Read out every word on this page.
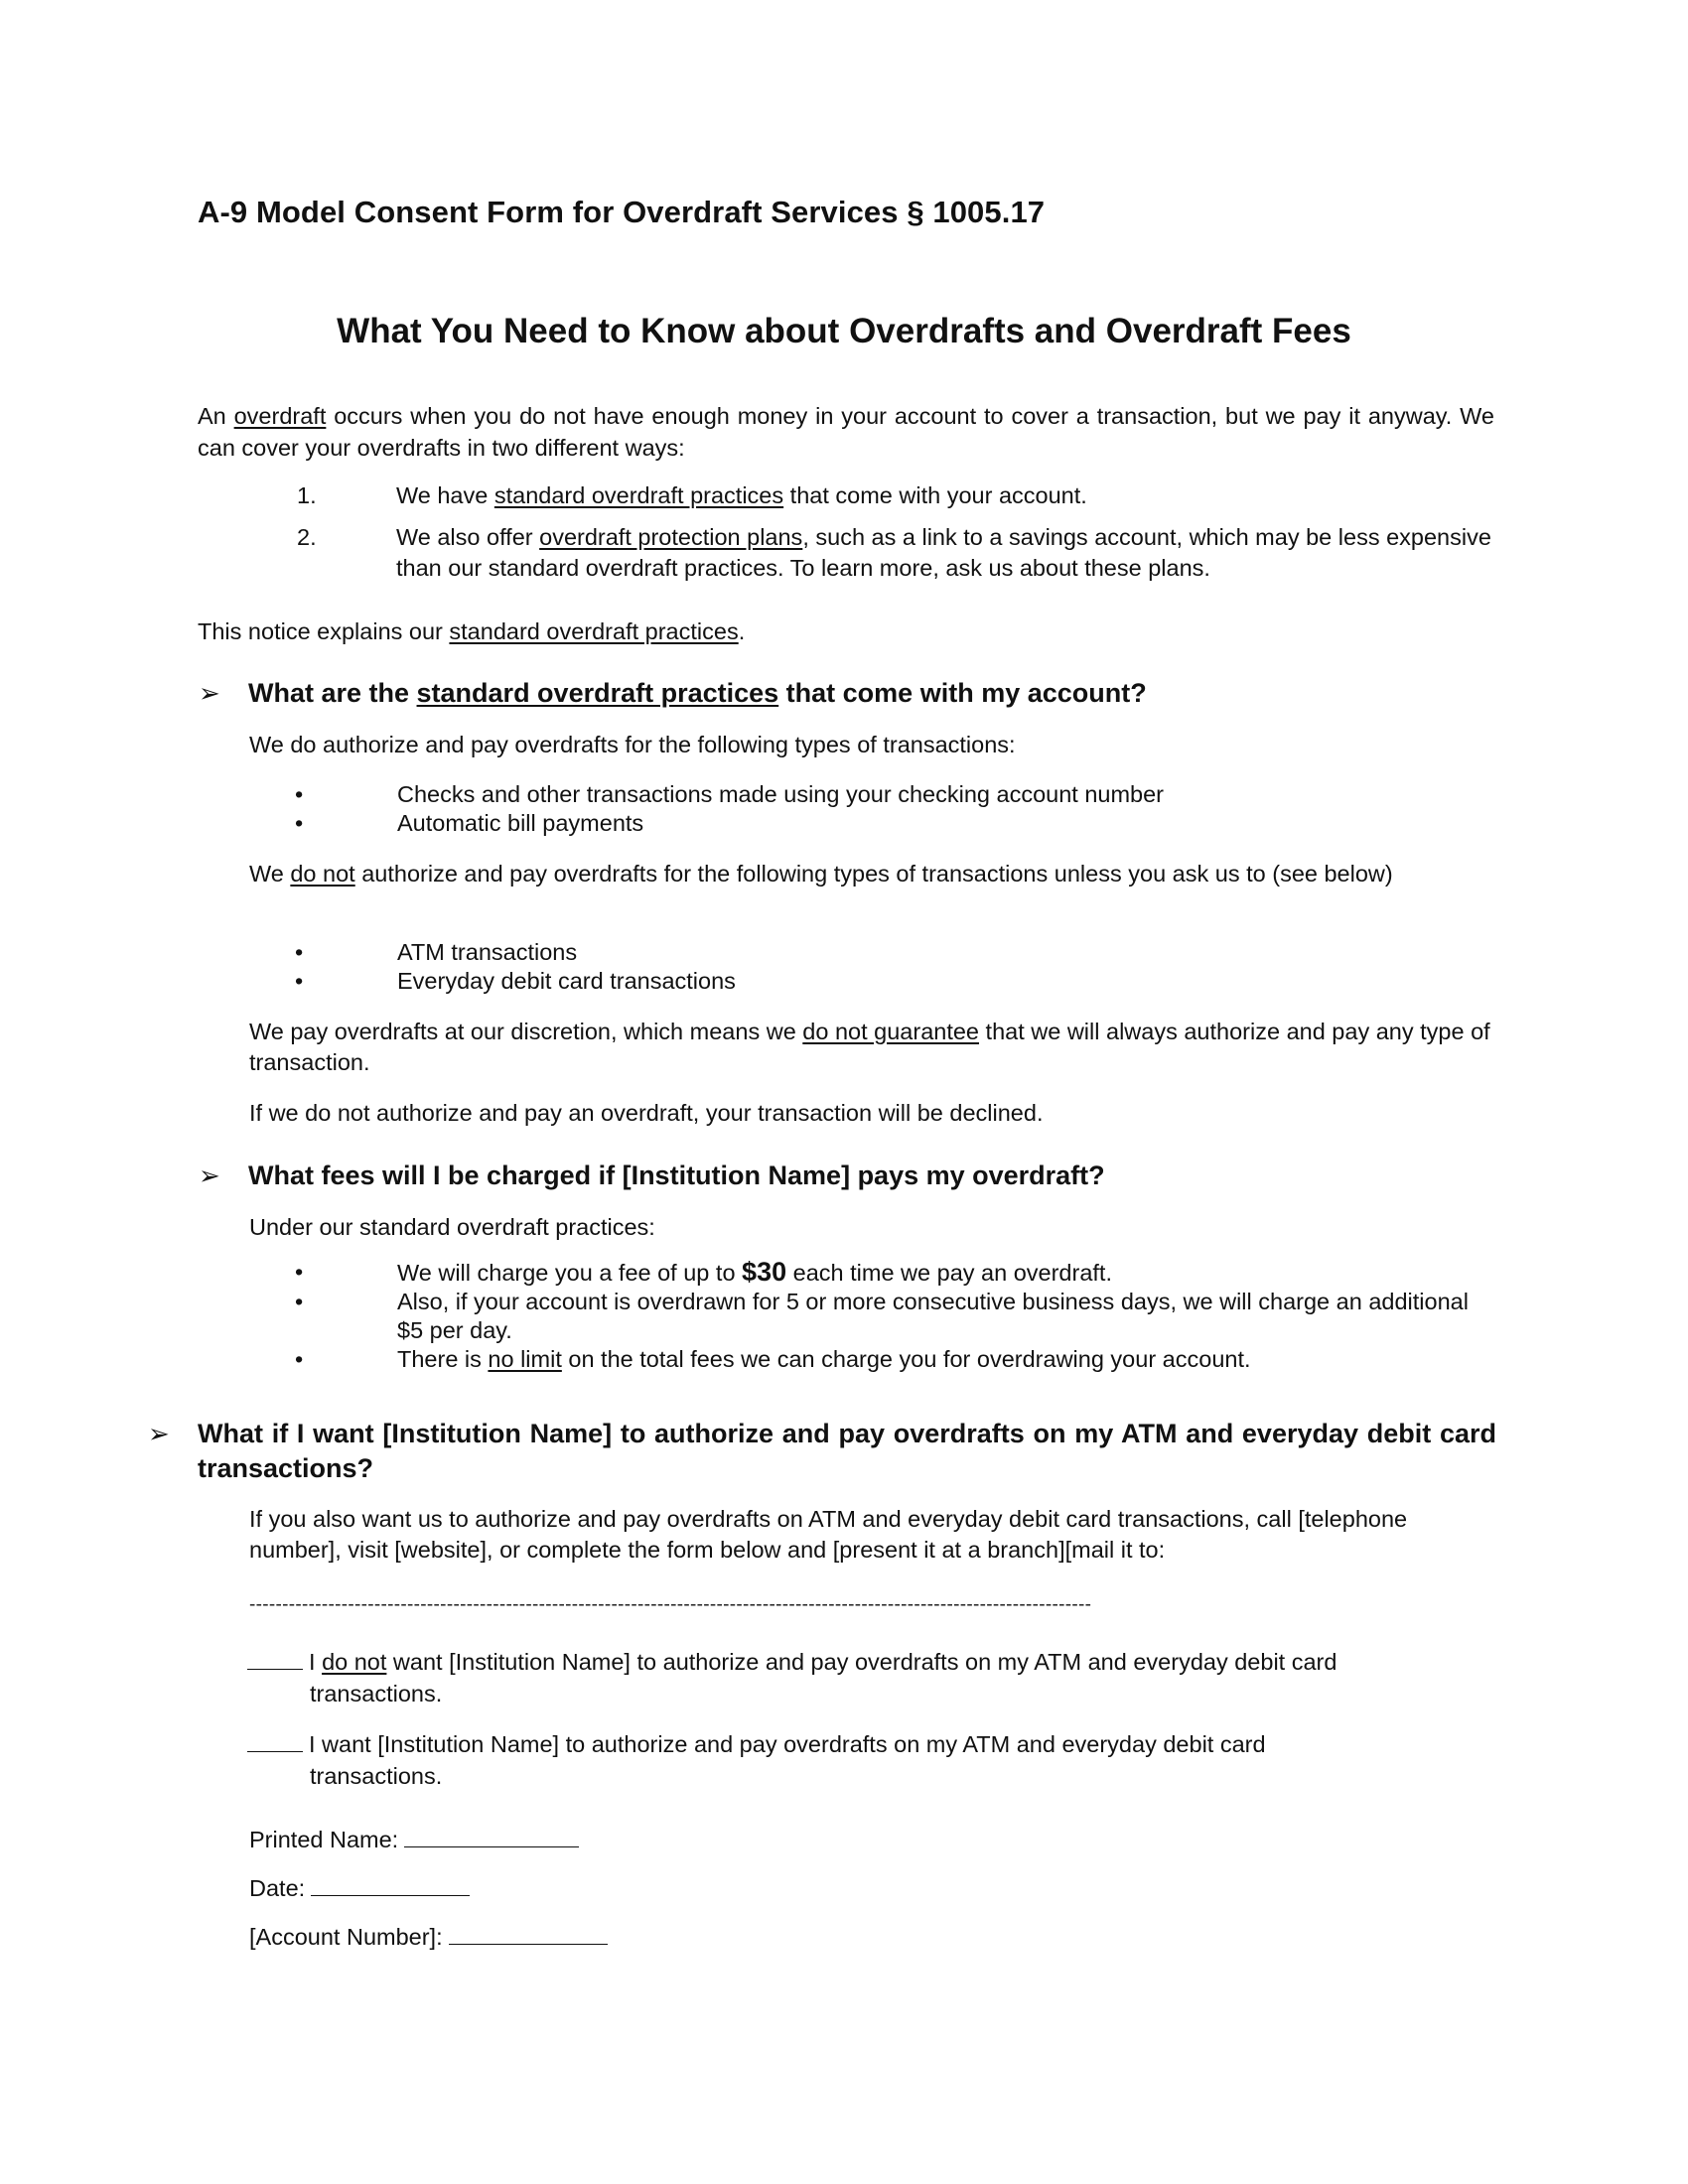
A-9 Model Consent Form for Overdraft Services § 1005.17
What You Need to Know about Overdrafts and Overdraft Fees

An overdraft occurs when you do not have enough money in your account to cover a transaction, but we pay it anyway. We can cover your overdrafts in two different ways:

1.	We have standard overdraft practices that come with your account.
2.	We also offer overdraft protection plans, such as a link to a savings account, which may be less expensive than our standard overdraft practices. To learn more, ask us about these plans.

This notice explains our standard overdraft practices.

➢ What are the standard overdraft practices that come with my account?

We do authorize and pay overdrafts for the following types of transactions:

•	Checks and other transactions made using your checking account number
•	Automatic bill payments

We do not authorize and pay overdrafts for the following types of transactions unless you ask us to (see below)

•	ATM transactions
•	Everyday debit card transactions

We pay overdrafts at our discretion, which means we do not guarantee that we will always authorize and pay any type of transaction.

If we do not authorize and pay an overdraft, your transaction will be declined.

➢ What fees will I be charged if [Institution Name] pays my overdraft?

Under our standard overdraft practices:

•	We will charge you a fee of up to $30 each time we pay an overdraft.
•	Also, if your account is overdrawn for 5 or more consecutive business days, we will charge an additional $5 per day.
•	There is no limit on the total fees we can charge you for overdrawing your account.
➢ What if I want [Institution Name] to authorize and pay overdrafts on my ATM and everyday debit card transactions?

If you also want us to authorize and pay overdrafts on ATM and everyday debit card transactions, call [telephone number], visit [website], or complete the form below and [present it at a branch][mail it to:

--------------------------------------------------------------------------------------------------------------------------------

I do not want [Institution Name] to authorize and pay overdrafts on my ATM and everyday debit card
transactions.
I want [Institution Name] to authorize and pay overdrafts on my ATM and everyday debit card
transactions.

Printed Name:

Date:

[Account Number]:
